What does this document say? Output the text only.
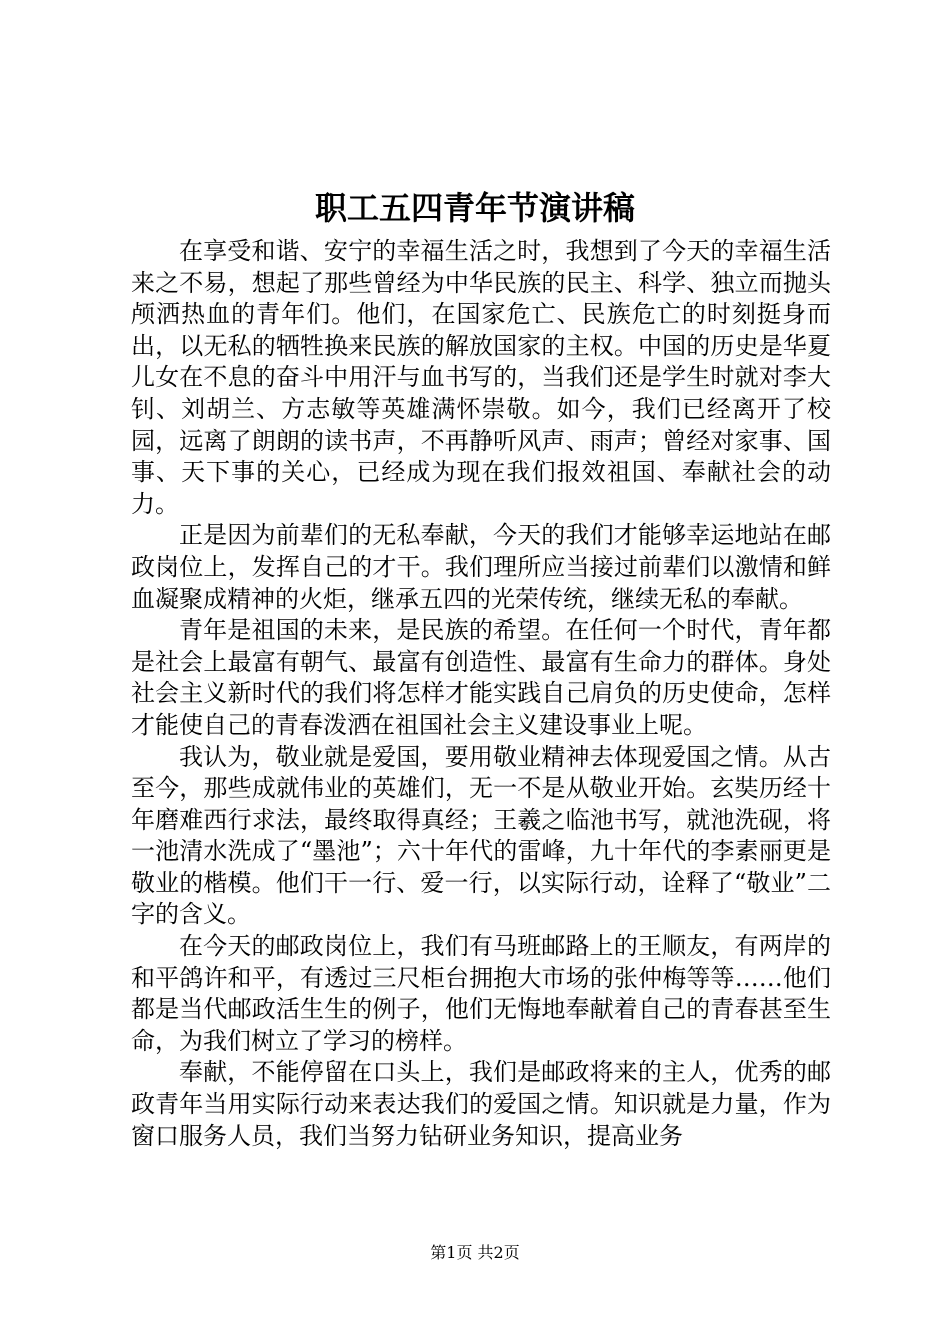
职工五四青年节演讲稿

在享受和谐、安宁的幸福生活之时，我想到了今天的幸福生活来之不易，想起了那些曾经为中华民族的民主、科学、独立而抛头颅洒热血的青年们。他们，在国家危亡、民族危亡的时刻挺身而出，以无私的牺牲换来民族的解放国家的主权。中国的历史是华夏儿女在不息的奋斗中用汗与血书写的，当我们还是学生时就对李大钊、刘胡兰、方志敏等英雄满怀崇敬。如今，我们已经离开了校园，远离了朗朗的读书声，不再静听风声、雨声；曾经对家事、国事、天下事的关心，已经成为现在我们报效祖国、奉献社会的动力。

正是因为前辈们的无私奉献，今天的我们才能够幸运地站在邮政岗位上，发挥自己的才干。我们理所应当接过前辈们以激情和鲜血凝聚成精神的火炬，继承五四的光荣传统，继续无私的奉献。

青年是祖国的未来，是民族的希望。在任何一个时代，青年都是社会上最富有朝气、最富有创造性、最富有生命力的群体。身处社会主义新时代的我们将怎样才能实践自己肩负的历史使命，怎样才能使自己的青春泼洒在祖国社会主义建设事业上呢。

我认为，敬业就是爱国，要用敬业精神去体现爱国之情。从古至今，那些成就伟业的英雄们，无一不是从敬业开始。玄奘历经十年磨难西行求法，最终取得真经；王羲之临池书写，就池洗砚，将一池清水洗成了“墨池”；六十年代的雷峰，九十年代的李素丽更是敬业的楷模。他们干一行、爱一行，以实际行动，诠释了“敬业”二字的含义。

在今天的邮政岗位上，我们有马班邮路上的王顺友，有两岸的和平鸽许和平，有透过三尺柜台拥抱大市场的张仲梅等等……他们都是当代邮政活生生的例子，他们无悔地奉献着自己的青春甚至生命，为我们树立了学习的榜样。

奉献，不能停留在口头上，我们是邮政将来的主人，优秀的邮政青年当用实际行动来表达我们的爱国之情。知识就是力量，作为窗口服务人员，我们当努力钻研业务知识，提高业务

第1页 共2页
